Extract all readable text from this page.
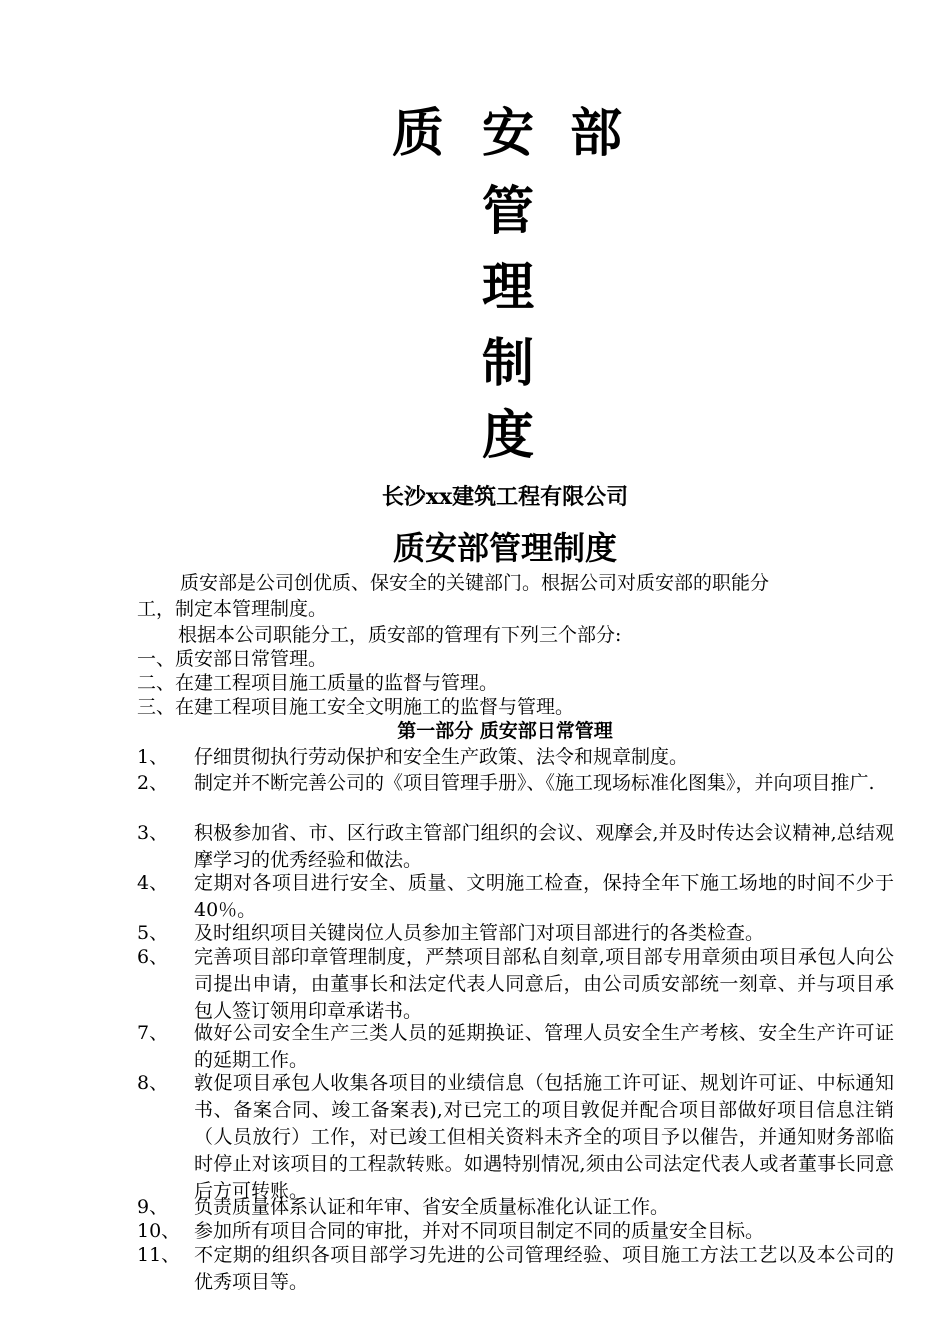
质 安 部
管
理
制
度
长沙xx建筑工程有限公司
质安部管理制度
质安部是公司创优质、保安全的关键部门。根据公司对质安部的职能分
工，制定本管理制度。
根据本公司职能分工，质安部的管理有下列三个部分:
一、质安部日常管理。
二、在建工程项目施工质量的监督与管理。
三、在建工程项目施工安全文明施工的监督与管理。
第一部分 质安部日常管理
1、 仔细贯彻执行劳动保护和安全生产政策、法令和规章制度。
2、 制定并不断完善公司的《项目管理手册》、《施工现场标准化图集》，并向项目推广.
3、 积极参加省、市、区行政主管部门组织的会议、观摩会,并及时传达会议精神,总结观摩学习的优秀经验和做法。
4、 定期对各项目进行安全、质量、文明施工检查，保持全年下施工场地的时间不少于40％。
5、 及时组织项目关键岗位人员参加主管部门对项目部进行的各类检查。
6、 完善项目部印章管理制度，严禁项目部私自刻章,项目部专用章须由项目承包人向公司提出申请，由董事长和法定代表人同意后，由公司质安部统一刻章、并与项目承包人签订领用印章承诺书。
7、 做好公司安全生产三类人员的延期换证、管理人员安全生产考核、安全生产许可证的延期工作。
8、 敦促项目承包人收集各项目的业绩信息（包括施工许可证、规划许可证、中标通知书、备案合同、竣工备案表),对已完工的项目敦促并配合项目部做好项目信息注销（人员放行）工作，对已竣工但相关资料未齐全的项目予以催告，并通知财务部临时停止对该项目的工程款转账。如遇特别情况,须由公司法定代表人或者董事长同意后方可转账。
9、 负责质量体系认证和年审、省安全质量标准化认证工作。
10、 参加所有项目合同的审批，并对不同项目制定不同的质量安全目标。
11、 不定期的组织各项目部学习先进的公司管理经验、项目施工方法工艺以及本公司的优秀项目等。
